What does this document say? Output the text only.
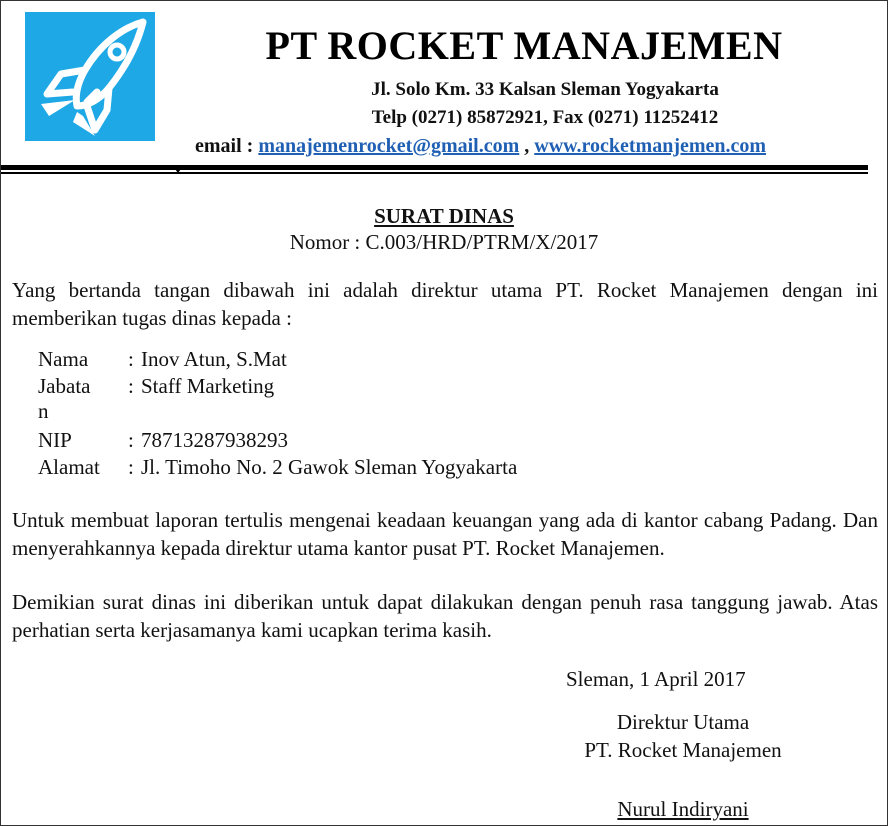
PT ROCKET MANAJEMEN
Jl. Solo Km. 33 Kalsan Sleman Yogyakarta
Telp (0271) 85872921, Fax (0271) 11252412
email : manajemenrocket@gmail.com , www.rocketmanjemen.com
SURAT DINAS
Nomor : C.003/HRD/PTRM/X/2017
Yang bertanda tangan dibawah ini adalah direktur utama PT. Rocket Manajemen dengan ini memberikan tugas dinas kepada :
Nama	: Inov Atun, S.Mat
Jabata n
: Staff Marketing
NIP	: 78713287938293
Alamat : Jl. Timoho No. 2 Gawok Sleman Yogyakarta
Untuk membuat laporan tertulis mengenai keadaan keuangan yang ada di kantor cabang Padang. Dan menyerahkannya kepada direktur utama kantor pusat PT. Rocket Manajemen.
Demikian surat dinas ini diberikan untuk dapat dilakukan dengan penuh rasa tanggung jawab. Atas perhatian serta kerjasamanya kami ucapkan terima kasih.
Sleman, 1 April 2017
Direktur Utama
PT. Rocket Manajemen
Nurul Indiryani
